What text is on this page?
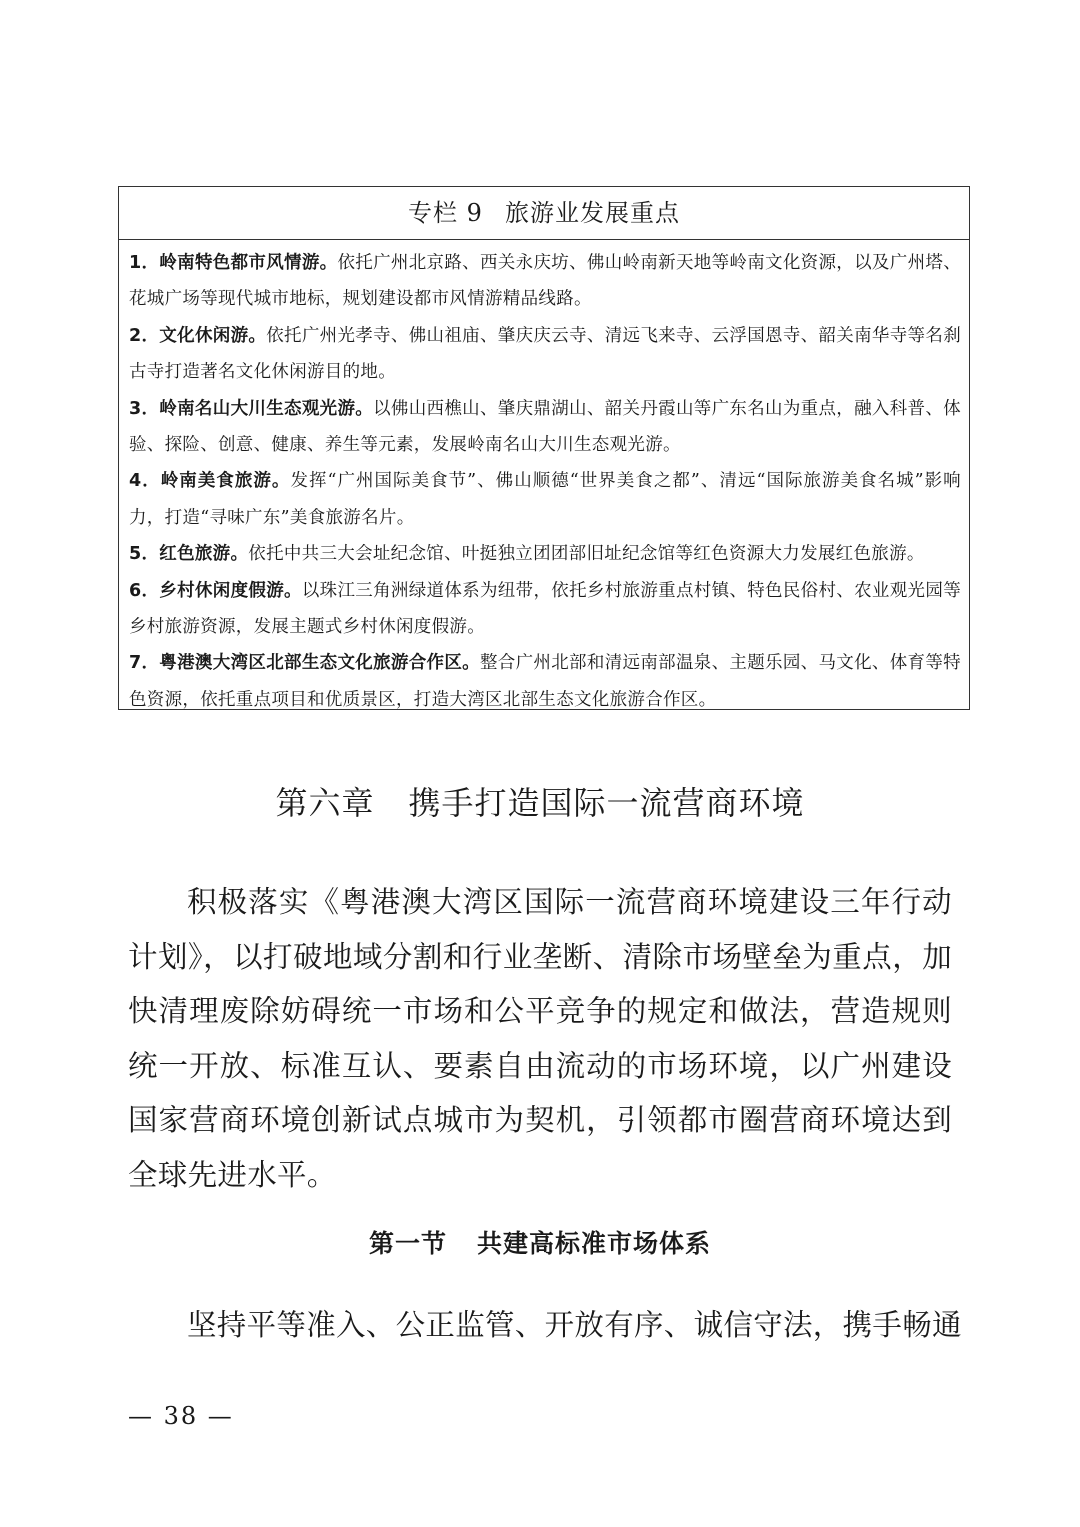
专栏 9 旅游业发展重点
1．岭南特色都市风情游。依托广州北京路、西关永庆坊、佛山岭南新天地等岭南文化资源，以及广州塔、花城广场等现代城市地标，规划建设都市风情游精品线路。
2．文化休闲游。依托广州光孝寺、佛山祖庙、肇庆庆云寺、清远飞来寺、云浮国恩寺、韶关南华寺等名刹古寺打造著名文化休闲游目的地。
3．岭南名山大川生态观光游。以佛山西樵山、肇庆鼎湖山、韶关丹霞山等广东名山为重点，融入科普、体验、探险、创意、健康、养生等元素，发展岭南名山大川生态观光游。
4．岭南美食旅游。发挥“广州国际美食节”、佛山顺德“世界美食之都”、清远“国际旅游美食名城”影响力，打造“寻味广东”美食旅游名片。
5．红色旅游。依托中共三大会址纪念馆、叶挺独立团团部旧址纪念馆等红色资源大力发展红色旅游。
6．乡村休闲度假游。以珠江三角洲绿道体系为纽带，依托乡村旅游重点村镇、特色民俗村、农业观光园等乡村旅游资源，发展主题式乡村休闲度假游。
7．粤港澳大湾区北部生态文化旅游合作区。整合广州北部和清远南部温泉、主题乐园、马文化、体育等特色资源，依托重点项目和优质景区，打造大湾区北部生态文化旅游合作区。
第六章 携手打造国际一流营商环境

积极落实《粤港澳大湾区国际一流营商环境建设三年行动计划》，以打破地域分割和行业垄断、清除市场壁垒为重点，加快清理废除妨碍统一市场和公平竞争的规定和做法，营造规则统一开放、标准互认、要素自由流动的市场环境，以广州建设国家营商环境创新试点城市为契机，引领都市圈营商环境达到全球先进水平。

第一节 共建高标准市场体系

坚持平等准入、公正监管、开放有序、诚信守法，携手畅通

— 38 —
